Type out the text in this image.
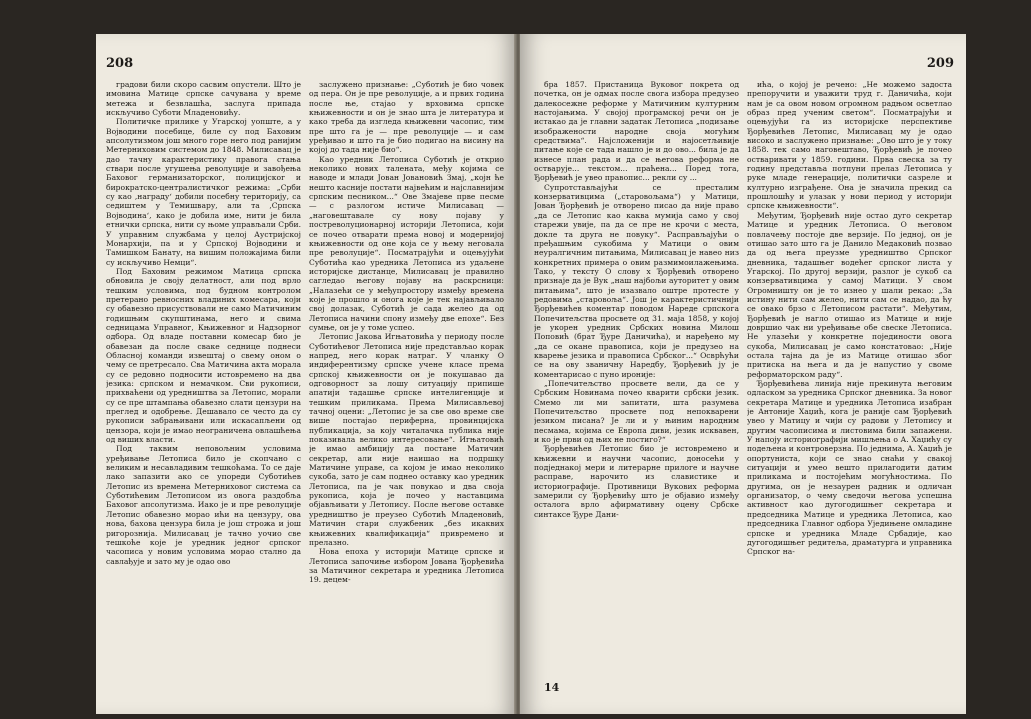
208

градови били скоро сасвим опустели. Што је имовина Матице српске сачувана у време метежа и безвлашћа, заслуга припада искључиво Суботи Младеновићу.

Политичке прилике у Угарској уопште, а у Војводини посебице, биле су под Баховим апсолутизмом још много горе него под ранијим Метерниховим системом до 1848. Милисавац је дао тачну карактеристику правога стања ствари после угушења револуције и завођења Баховог германизаторског, полицијског и бирократско-централистичког режима: „Срби су као ,награду‘ добили посебну територију, са седиштем у Темишвару, али та ,Српска Војводина‘, како је добила име, нити је била етнички српска, нити су њоме управљали Срби. У управним службама у целој Аустријској Монархији, па и у Српској Војводини и Тамишком Банату, на вишим положајима били су искључиво Немци“.

Под Баховим режимом Матица српска обновила је своју делатност, али под врло тешким условима, под будном контролом претерано ревносних владиних комесара, који су обавезно присуствовали не само Матичиним годишњим скупштинама, него и свима седницама Управног, Књижевног и Надзорног одбора. Од владе поставни комесар био је обавезан да после сваке седнице поднеси Обласној команди извештај о свему оном о чему се претресало. Сва Матичина акта морала су се редовно подносити истовремено на два језика: српском и немачком. Сви рукописи, прихваћени од уредништва за Летопис, морали су се пре штампања обавезно слати цензури на преглед и одобрење. Дешавало се често да су рукописи забрањивани или искасапљени од цензора, који је имао неограничена овлашћења од виших власти.

Под таквим неповољним условима уређивање Летописа било је скопчано с великим и несавладивим тешкоћама. То се даје лако запазити ако се упореди Суботићев Летопис из времена Метерниховог система са Суботићевим Летописом из овога раздобља Баховог апсолутизма. Иако је и пре револуције Летопис обавезно морао ићи на цензуру, ова нова, бахова цензура била је још строжа и још ригорознија. Милисавац је тачно уочио све тешкоће које је уредник једног српског часописа у новим условима морао стално да савлађује и зато му је одао ово

заслужено признање: „Суботић је био човек од пера. Он је пре револуције, а и првих година после ње, стајао у врховима српске књижевности и он је знао шта је литература и како треба да изгледа књижевни часопис, тим пре што га је — пре револуције — и сам уређивао и што га је био подигао на висину на којој до тада није био“.

Као уредник Летописа Суботић је открио неколико нових талената, међу којима се наводе и млади Јован Јовановић Змај, „којн ће нешто касније постати највећим и најславнијим српским песником...“ Ове Змајеве прве песме — с разлогом истиче Милисавац — „наговештавале су нову појаву у постреволуционарној историји Летописа, који се почео отварати према новој и модернијој књижевности од оне која се у њему неговала пре револуције“. Посматрајући и оцењујући Суботића као уредника Летописа из удаљене историјске дистанце, Милисавац је правилно сагледао његову појаву на раскрсници: „Налазећи се у међупростору између времена које је прошло и онога које је тек најављивало свој долазак, Суботић је сада желео да од Летописа начини спону између две епохе“. Без сумње, он је у томе успео.

Летопис Јакова Игњатовића у периоду после Суботићевог Летописа није представљао корак напред, него корак натраг. У чланку О индиферентизму српске учене класе према српској књижевности он је покушавао да одговорност за лошу ситуацију припише апатији тадашње српске интелигенције и тешким приликама. Према Милисављевој тачној оцени: „Летопис је за све ово време све више постајао периферна, провинцијска публикација, за коју читалачка публика није показивала велико интересовање“. Игњатовић је имао амбицију да постане Матичин секретар, али није наишао на подршку Матичине управе, са којом је имао неколико сукоба, зато је сам поднео оставку као уредник Летописа, па је чак повукао и два своја рукописа, која је почео у наставцима објављивати у Летопису. После његове оставке уредништво је преузео Суботић Младеновић, Матичин стари службеник „без икаквих књижевних квалификација“ привремено и прелазно.

Нова епоха у историји Матице српске и Летописа започиње избором Јована Ђорђевића за Матичиног секретара и уредника Летописа 19. децем-

209

бра 1857. Пристаница Вуковог покрета од почетка, он је одмах после свога избора предузео далекосежне реформе у Матичиним културним настојањима. У својој програмској речи он је истакао да је главни задатак Летописа „подизање изображености народне своја могућим средствима“. Најсложенији и најосетљивије питање које се тада нашло је и до ово... била је да изнесе план рада и да се његова реформа не остварује... текстом... праћена... Поред тога, Ђорђевић је увео правопис... рекли су ...

Супротстављајући се престалим конзервативцима („старовољама“) у Матици, Јован Ђорђевић је отворено писао да није право „да се Летопис као каква мумија само у свој старежи увије, па да се пре не крочи с места, докле та друга не повуку“. Расправљајући о пређашњим сукобима у Матици о овим неуралгичним питањима, Милисавац је навео низ конкретних примера о овим размимоилажењима. Тако, у тексту О слову х Ђорђевић отворено признаје да је Вук „наш најбољи ауторитет у овим питањима“, што је изазвало оштре протесте у редовима „старовоља“. Још је карактеристичнији Ђорђевићев коментар поводом Нареде српскога Попечитељства просвете од 31. маја 1858, у којој је укорен уредник Србских новина Милош Поповић (брат Ђуре Даничића), и наређено му „да се окане правописа, који је предузео на кварење језика и правописа Србског...“ Осврћући се на ову званичну Наредбу, Ђорђевић ју је коментарисао с пуно ироније:

„Попечитељство просвете вели, да се у Србским Новинама почео кварити србски језик. Смемо ли ми запитати, шта разумева Попечитељство просвете под непокварени језиком писана? Је ли и у њиним народним песмама, којима се Европа диви, језик исквавен, и ко је први од њих не постиго?“

Ђорђевићев Летопис био је истовремено и књижевни и научни часопис, доносећи у подједнакој мери и литерарне прилоге и научне расправе, нарочито из славистике и историографије. Противници Вукових реформа замерили су Ђорђевићу што је објавио између осталога врло афирмативну оцену Србске синтаксе Ђуре Дани-

ића, о којој је речено: „Не можемо задоста препоручити и уважити труд г. Даничића, који нам је са овом новом огромном радњом осветлао образ пред ученим светом“. Посматрајући и оцењујући га из историјске перспективе Ђорђевићев Летопис, Милисавац му је одао високо и заслужено признање: „Ово што је у току 1858. тек само наговештаво, Ђорђевић је почео остваривати у 1859. години. Прва свеска за ту годину представља потпуни прелаз Летописа у руке младе генерације, политички сазреле и културно изграђене. Она је значила прекид са прошлошћу и улазак у нови период у историји српске књижевности“.

Међутим, Ђорђевић није остао дуго секретар Матице и уредник Летописа. О његовом повлачењу постоје две верзије. По једној, он је отишао зато што га је Данило Медаковић позвао да од њега преузме уредништво Српског дневника, тадашњег водећег српског листа у Угарској. По другој верзији, разлог је сукоб са конзервативцима у самој Матици. У свом Огромништу он је то изнео у шали рекао: „За истину нити сам желео, нити сам се надао, да ћу се овако брзо с Летописом растати“. Међутим, Ђорђевић је нагло отишао из Матице и није довршио чак ни уређивање обе свеске Летописа. Не улазећи у конкретне појединости овога сукоба, Милисавац је само констатовао: „Није остала тајна да је из Матице отишао због притиска на њега и да је напустио у своме реформаторском раду“.

Ђорђевићева линија није прекинута његовим одласком за уредника Српског дневника. За новог секретара Матице и уредника Летописа изабран је Антоније Хаџић, кога је раније сам Ђорђевић увео у Матицу и чији су радови у Летопису и другим часописима и листовима били запажени. У напоју историографији мишљења о А. Хаџићу су подељена и контроверзна. По једнима, А. Хаџић је опортуниста, који се знао снаћи у свакој ситуацији и умео вешто прилагодити датим приликама и постојећим могућностима. По другима, он је незаурен радник и одличан организатор, о чему сведочи његова успешна активност као дугогодишњег секретара и председника Матице и уредника Летописа, као председника Главног одбора Уједињене омладине српске и уредника Младе Србадије, као дугогодишњег редитеља, драматурга и управника Српског на-

14
